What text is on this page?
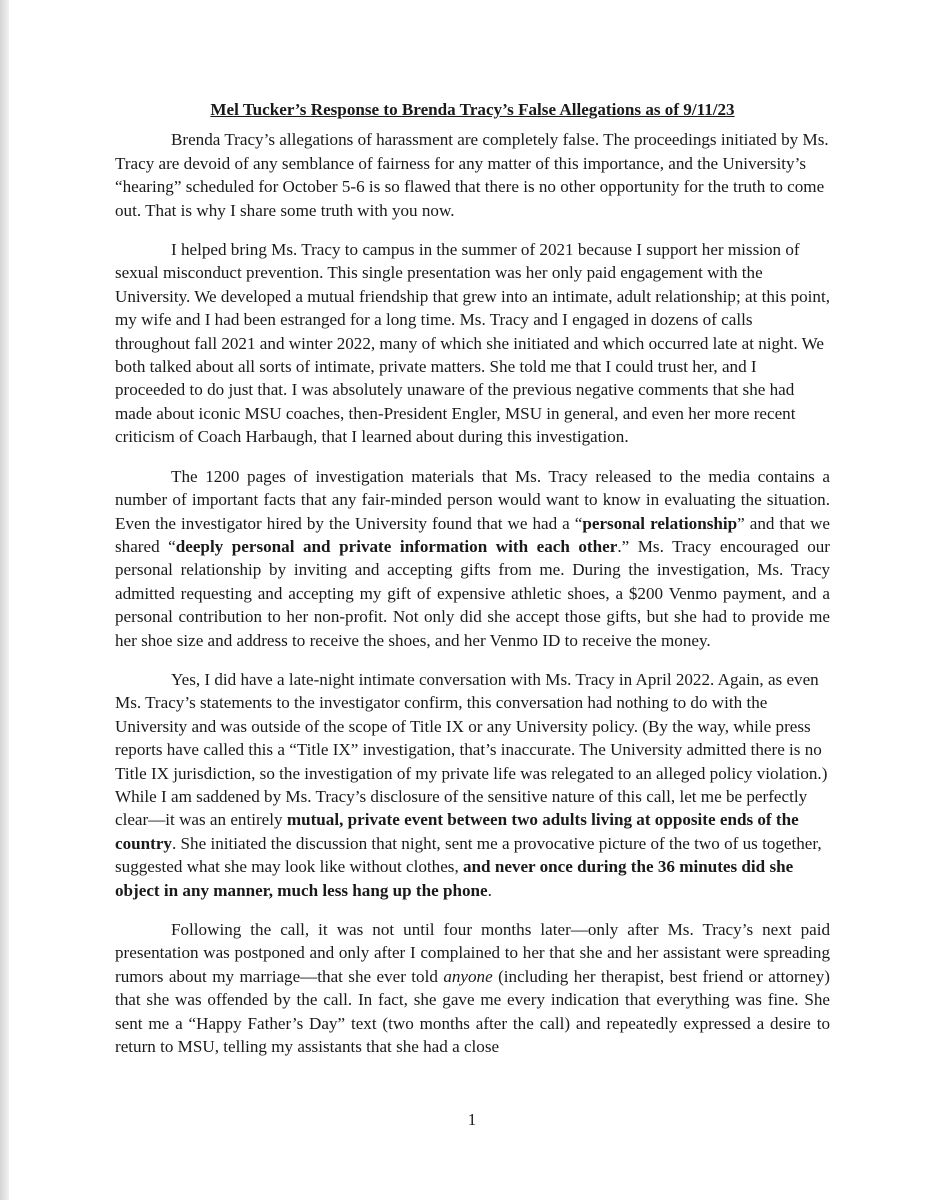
Mel Tucker’s Response to Brenda Tracy’s False Allegations as of 9/11/23

Brenda Tracy’s allegations of harassment are completely false. The proceedings initiated by Ms. Tracy are devoid of any semblance of fairness for any matter of this importance, and the University’s “hearing” scheduled for October 5-6 is so flawed that there is no other opportunity for the truth to come out. That is why I share some truth with you now.

I helped bring Ms. Tracy to campus in the summer of 2021 because I support her mission of sexual misconduct prevention. This single presentation was her only paid engagement with the University. We developed a mutual friendship that grew into an intimate, adult relationship; at this point, my wife and I had been estranged for a long time. Ms. Tracy and I engaged in dozens of calls throughout fall 2021 and winter 2022, many of which she initiated and which occurred late at night. We both talked about all sorts of intimate, private matters. She told me that I could trust her, and I proceeded to do just that. I was absolutely unaware of the previous negative comments that she had made about iconic MSU coaches, then-President Engler, MSU in general, and even her more recent criticism of Coach Harbaugh, that I learned about during this investigation.

The 1200 pages of investigation materials that Ms. Tracy released to the media contains a number of important facts that any fair-minded person would want to know in evaluating the situation. Even the investigator hired by the University found that we had a “personal relationship” and that we shared “deeply personal and private information with each other.” Ms. Tracy encouraged our personal relationship by inviting and accepting gifts from me. During the investigation, Ms. Tracy admitted requesting and accepting my gift of expensive athletic shoes, a $200 Venmo payment, and a personal contribution to her non-profit. Not only did she accept those gifts, but she had to provide me her shoe size and address to receive the shoes, and her Venmo ID to receive the money.

Yes, I did have a late-night intimate conversation with Ms. Tracy in April 2022. Again, as even Ms. Tracy’s statements to the investigator confirm, this conversation had nothing to do with the University and was outside of the scope of Title IX or any University policy. (By the way, while press reports have called this a “Title IX” investigation, that’s inaccurate. The University admitted there is no Title IX jurisdiction, so the investigation of my private life was relegated to an alleged policy violation.) While I am saddened by Ms. Tracy’s disclosure of the sensitive nature of this call, let me be perfectly clear—it was an entirely mutual, private event between two adults living at opposite ends of the country. She initiated the discussion that night, sent me a provocative picture of the two of us together, suggested what she may look like without clothes, and never once during the 36 minutes did she object in any manner, much less hang up the phone.

Following the call, it was not until four months later—only after Ms. Tracy’s next paid presentation was postponed and only after I complained to her that she and her assistant were spreading rumors about my marriage—that she ever told anyone (including her therapist, best friend or attorney) that she was offended by the call. In fact, she gave me every indication that everything was fine. She sent me a “Happy Father’s Day” text (two months after the call) and repeatedly expressed a desire to return to MSU, telling my assistants that she had a close

1
